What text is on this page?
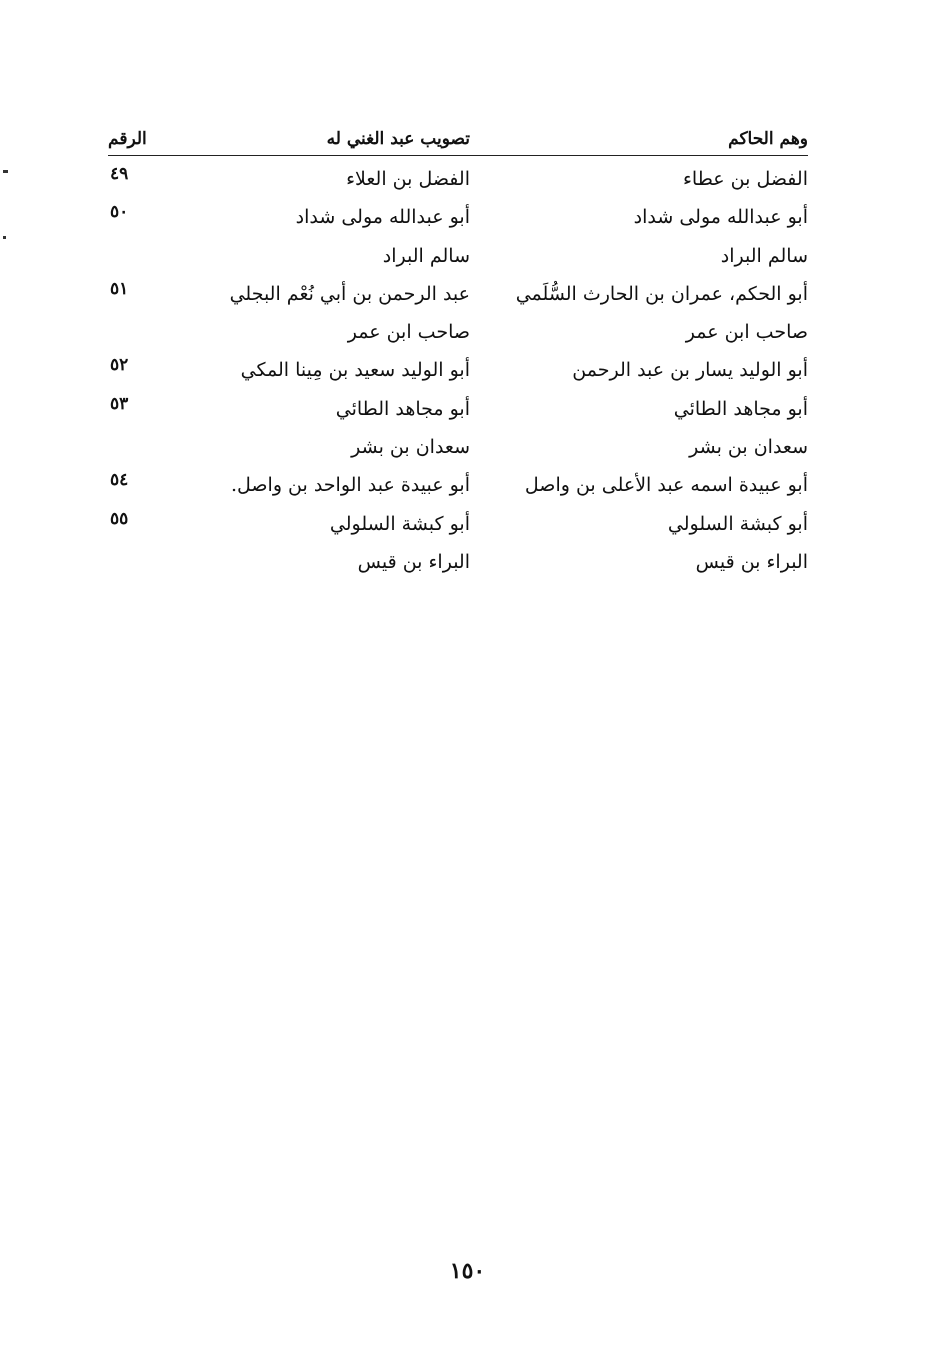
وهم الحاكم
تصويب عبد الغني له
الرقم
الفضل بن عطاء
الفضل بن العلاء
٤٩
أبو عبدالله مولى شداد
أبو عبدالله مولى شداد
٥٠
سالم البراد
سالم البراد
أبو الحكم، عمران بن الحارث السُّلَمي
عبد الرحمن بن أبي نُعْم البجلي
٥١
صاحب ابن عمر
صاحب ابن عمر
أبو الوليد يسار بن عبد الرحمن
أبو الوليد سعيد بن مِينا المكي
٥٢
أبو مجاهد الطائي
أبو مجاهد الطائي
٥٣
سعدان بن بشر
سعدان بن بشر
أبو عبيدة اسمه عبد الأعلى بن واصل
أبو عبيدة عبد الواحد بن واصل.
٥٤
أبو كبشة السلولي
أبو كبشة السلولي
٥٥
البراء بن قيس
البراء بن قيس
١٥٠
